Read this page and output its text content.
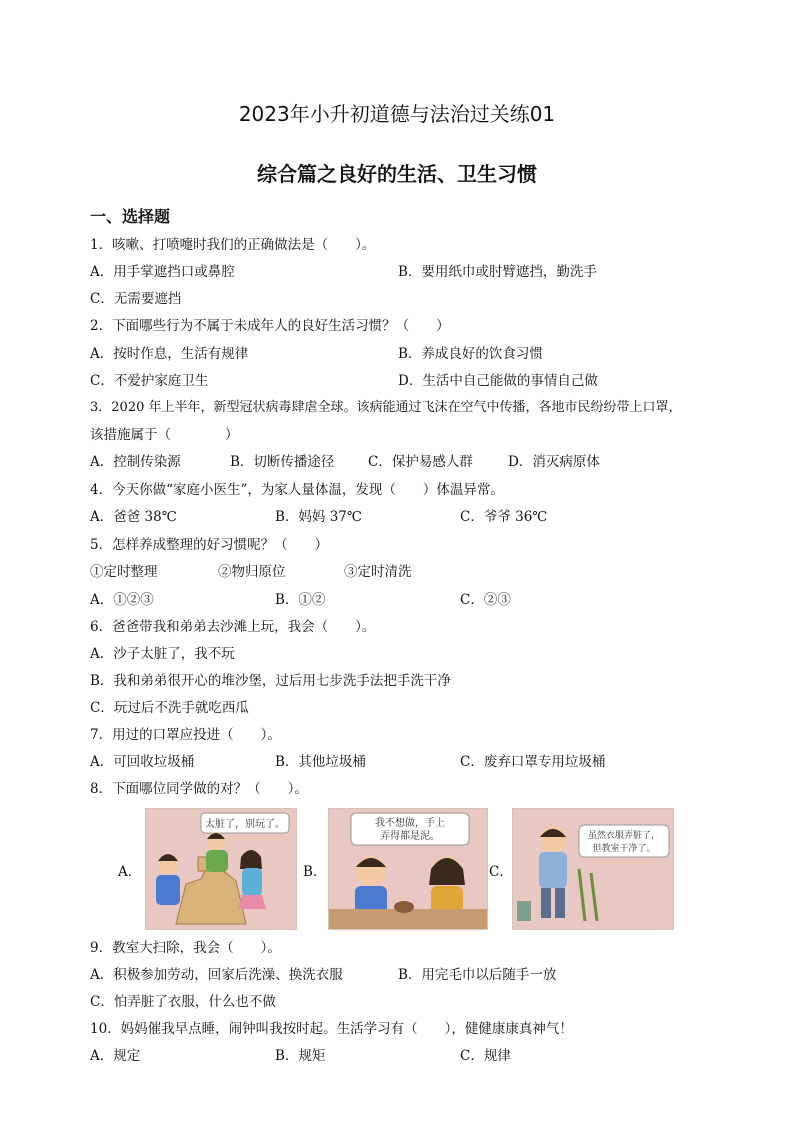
2023年小升初道德与法治过关练01
综合篇之良好的生活、卫生习惯
一、选择题
1．咳嗽、打喷嚏时我们的正确做法是（　　）。
A．用手掌遮挡口或鼻腔	B．要用纸巾或肘臂遮挡，勤洗手
C．无需要遮挡
2．下面哪些行为不属于未成年人的良好生活习惯？（　　）
A．按时作息，生活有规律	B．养成良好的饮食习惯
C．不爱护家庭卫生	D．生活中自己能做的事情自己做
3．2020 年上半年，新型冠状病毒肆虐全球。该病能通过飞沫在空气中传播，各地市民纷纷带上口罩，
该措施属于（　　　　）
A．控制传染源	B．切断传播途径 C．保护易感人群	D．消灭病原体
4．今天你做“家庭小医生”，为家人量体温，发现（　　）体温异常。
A．爸爸 38℃	B．妈妈 37℃	C．爷爷 36℃
5．怎样养成整理的好习惯呢？（　　）
①定时整理	②物归原位	③定时清洗
A．①②③	B．①②	C．②③
6．爸爸带我和弟弟去沙滩上玩，我会（　　）。
A．沙子太脏了，我不玩
B．我和弟弟很开心的堆沙堡，过后用七步洗手法把手洗干净
C．玩过后不洗手就吃西瓜
7．用过的口罩应投进（　　）。
A．可回收垃圾桶	B．其他垃圾桶	C．废弃口罩专用垃圾桶
8．下面哪位同学做的对？（　　）。
A．
太脏了，别玩了。
B．
我不想做，手上
弄得都是泥。
C．
虽然衣服弄脏了，
但教室干净了。
9．教室大扫除，我会（　　）。
A．积极参加劳动，回家后洗澡、换洗衣服	B．用完毛巾以后随手一放
C．怕弄脏了衣服，什么也不做
10．妈妈催我早点睡，闹钟叫我按时起。生活学习有（　　），健健康康真神气！
A．规定	B．规矩	C．规律
